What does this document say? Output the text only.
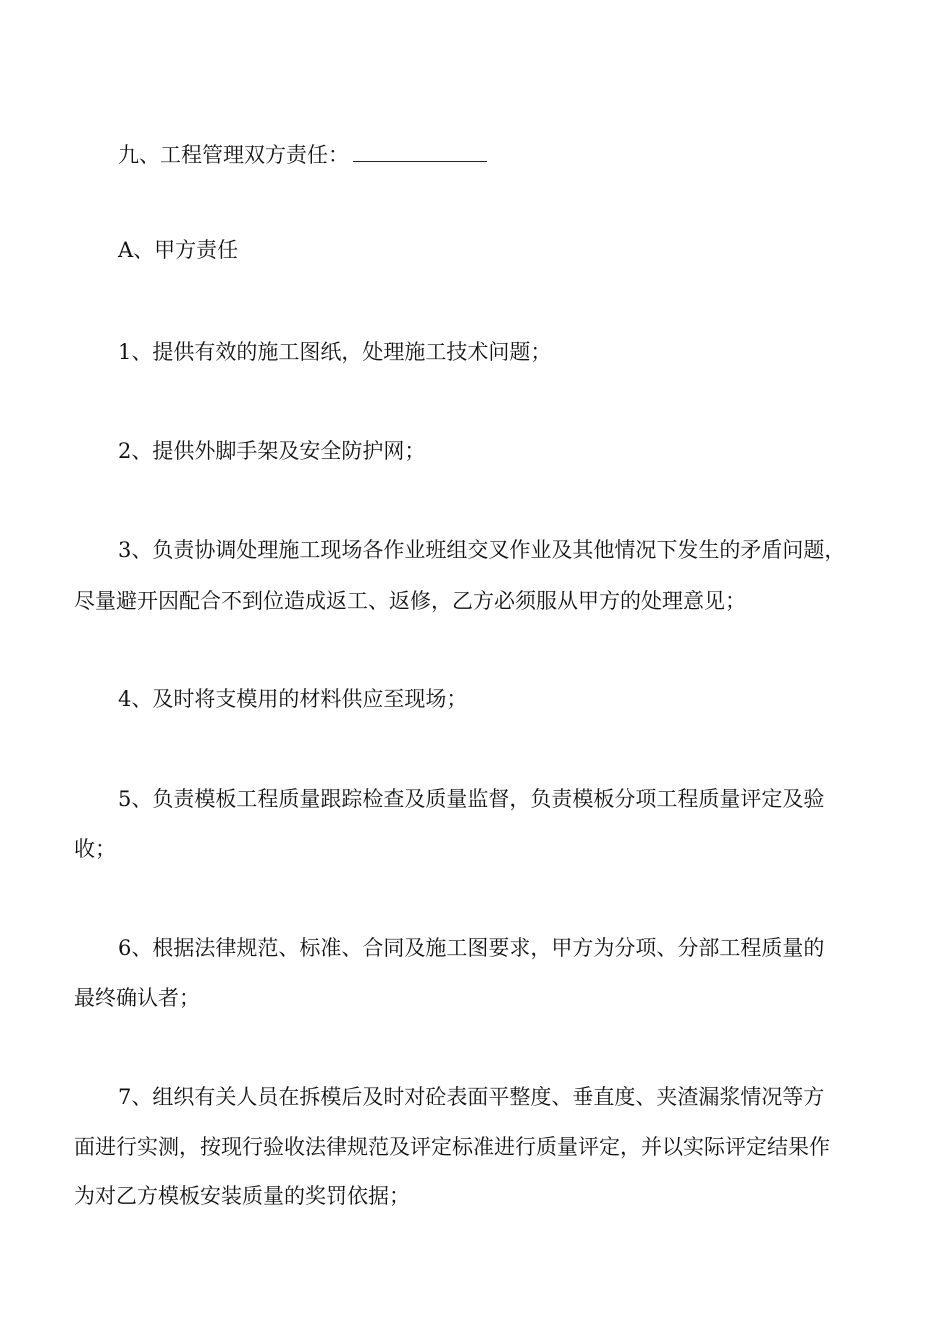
九、工程管理双方责任：
A、甲方责任
1、提供有效的施工图纸，处理施工技术问题；
2、提供外脚手架及安全防护网；
3、负责协调处理施工现场各作业班组交叉作业及其他情况下发生的矛盾问题，
尽量避开因配合不到位造成返工、返修，乙方必须服从甲方的处理意见；
4、及时将支模用的材料供应至现场；
5、负责模板工程质量跟踪检查及质量监督，负责模板分项工程质量评定及验
收；
6、根据法律规范、标准、合同及施工图要求，甲方为分项、分部工程质量的
最终确认者；
7、组织有关人员在拆模后及时对砼表面平整度、垂直度、夹渣漏浆情况等方
面进行实测，按现行验收法律规范及评定标准进行质量评定，并以实际评定结果作
为对乙方模板安装质量的奖罚依据；
